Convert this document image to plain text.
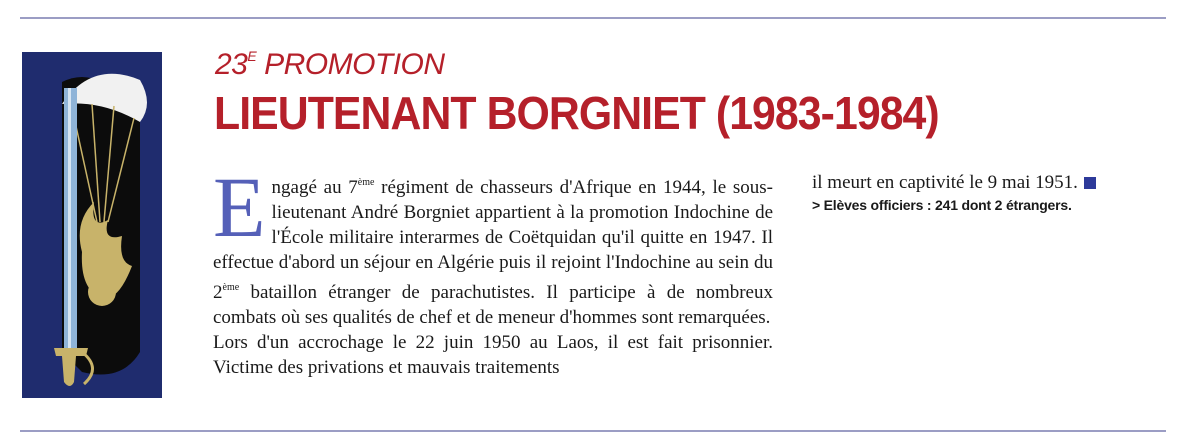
$23^E$ PROMOTION
LIEUTENANT BORGNIET (1983-1984)

Engagé au 7ème régiment de chasseurs d'Afrique en 1944, le sous-lieutenant André Borgniet appartient à la promotion Indochine de l'École militaire interarmes de Coëtquidan qu'il quitte en 1947. Il effectue d'abord un séjour en Algérie puis il rejoint l'Indochine au sein du 2ème bataillon étranger de parachutistes. Il participe à de nombreux combats où ses qualités de chef et de meneur d'hommes sont remarquées.

Lors d'un accrochage le 22 juin 1950 au Laos, il est fait prisonnier. Victime des privations et mauvais traitements

il meurt en captivité le 9 mai 1951.
> Elèves officiers : 241 dont 2 étrangers.
